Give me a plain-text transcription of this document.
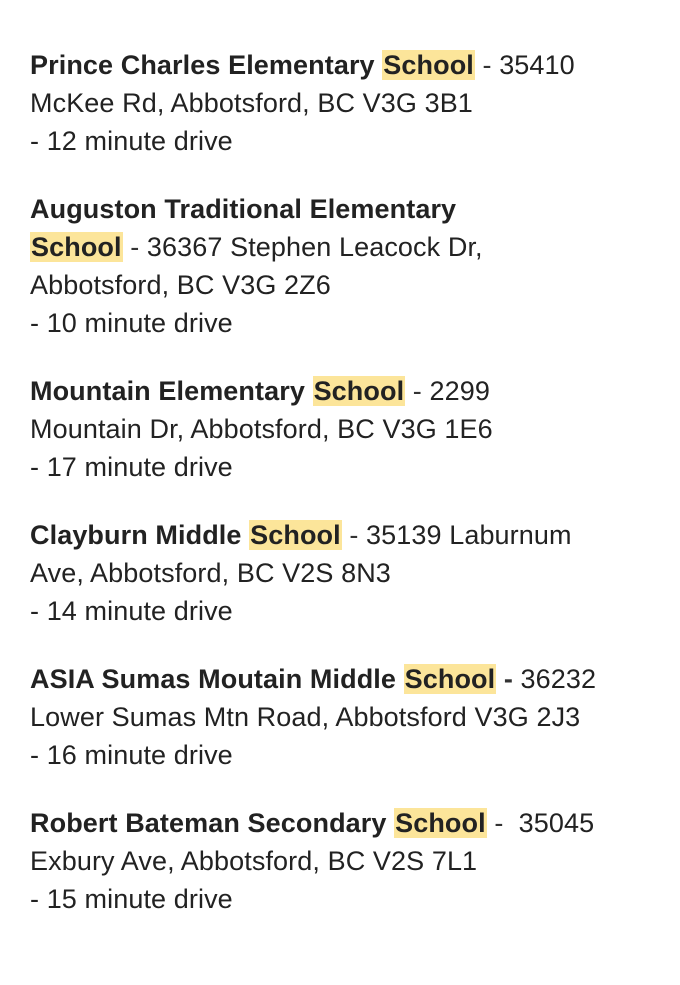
Prince Charles Elementary School - 35410
McKee Rd, Abbotsford, BC V3G 3B1
- 12 minute drive
Auguston Traditional Elementary
School - 36367 Stephen Leacock Dr,
Abbotsford, BC V3G 2Z6
- 10 minute drive
Mountain Elementary School - 2299
Mountain Dr, Abbotsford, BC V3G 1E6
- 17 minute drive
Clayburn Middle School - 35139 Laburnum
Ave, Abbotsford, BC V2S 8N3
- 14 minute drive
ASIA Sumas Moutain Middle School - 36232
Lower Sumas Mtn Road, Abbotsford V3G 2J3
- 16 minute drive
Robert Bateman Secondary School -  35045
Exbury Ave, Abbotsford, BC V2S 7L1
- 15 minute drive
